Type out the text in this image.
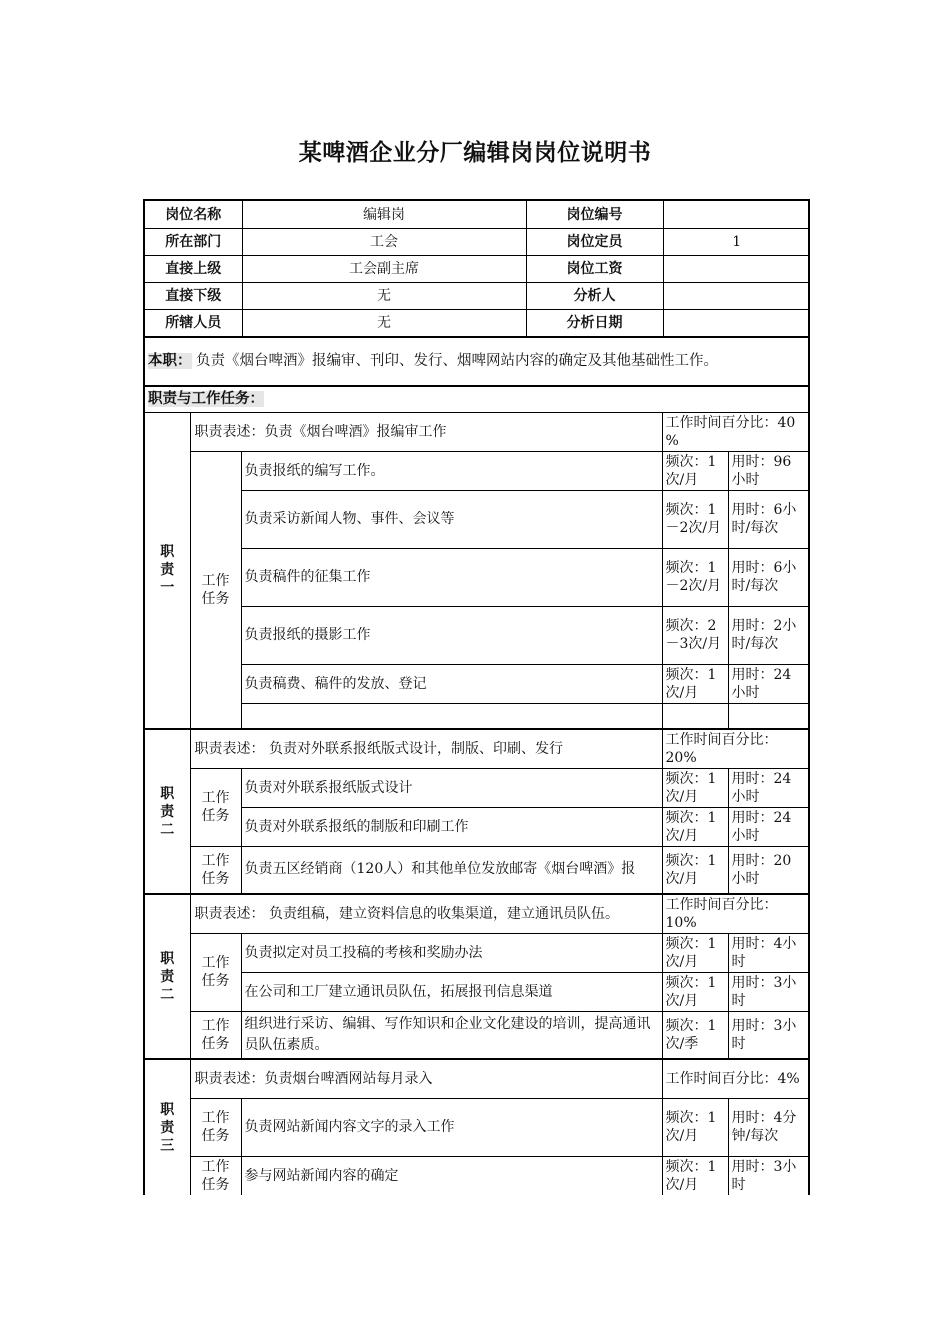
某啤酒企业分厂编辑岗岗位说明书
岗位名称	编辑岗	岗位编号	

所在部门	工会	岗位定员	1

直接上级	工会副主席	岗位工资	

直接下级	无	分析人	

所辖人员	无	分析日期	

本职： 负责《烟台啤酒》报编审、刊印、发行、烟啤网站内容的确定及其他基础性工作。
职责与工作任务：

职责一
	职责表述：负责《烟台啤酒》报编审工作	工作时间百分比：40 %

工作任务
	负责报纸的编写工作。	频次：1次/月	用时：96小时
负责采访新闻人物、事件、会议等	频次：1－2次/月	用时：6小时/每次
负责稿件的征集工作	频次：1－2次/月	用时：6小时/每次
负责报纸的摄影工作	频次：2－3次/月	用时：2小时/每次
负责稿费、稿件的发放、登记	频次：1次/月	用时：24小时

职责二
	职责表述： 负责对外联系报纸版式设计，制版、印刷、发行	工作时间百分比：20%

工作任务
	负责对外联系报纸版式设计	频次：1次/月	用时：24小时
负责对外联系报纸的制版和印刷工作	频次：1次/月	用时：24小时

工作任务
	负责五区经销商（120人）和其他单位发放邮寄《烟台啤酒》报	频次：1次/月	用时：20小时

职责二
	职责表述： 负责组稿，建立资料信息的收集渠道，建立通讯员队伍。	工作时间百分比：10%

工作任务
	负责拟定对员工投稿的考核和奖励办法	频次：1次/月	用时：4小时
在公司和工厂建立通讯员队伍，拓展报刊信息渠道	频次：1次/月	用时：3小时

工作任务
	组织进行采访、编辑、写作知识和企业文化建设的培训，提高通讯员队伍素质。	频次：1次/季	用时：3小时

职责三
	职责表述：负责烟台啤酒网站每月录入	工作时间百分比：4%

工作任务
	负责网站新闻内容文字的录入工作	频次：1次/月	用时：4分钟/每次

工作任务
	参与网站新闻内容的确定	频次：1次/月	用时：3小时
